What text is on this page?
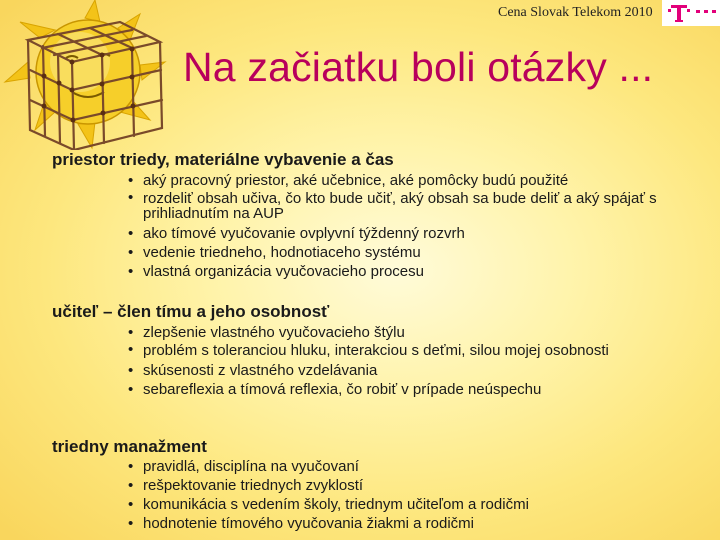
Cena Slovak Telekom 2010
Na začiatku boli otázky ...
priestor triedy, materiálne vybavenie a čas
• aký pracovný priestor, aké učebnice, aké pomôcky budú použité
• rozdeliť obsah učiva, čo kto bude učiť, aký obsah sa bude deliť a aký spájať s prihliadnutím na AUP
• ako tímové vyučovanie ovplyvní týždenný rozvrh
• vedenie triedneho, hodnotiaceho systému
• vlastná organizácia vyučovacieho procesu
učiteľ – člen tímu a jeho osobnosť
• zlepšenie vlastného vyučovacieho štýlu
• problém s toleranciou hluku, interakciou s deťmi, silou mojej osobnosti
• skúsenosti z vlastného vzdelávania
• sebareflexia a tímová reflexia, čo robiť v prípade neúspechu
triedny manažment
• pravidlá, disciplína na vyučovaní
• rešpektovanie triednych zvyklostí
• komunikácia s vedením školy, triednym učiteľom a rodičmi
• hodnotenie tímového vyučovania žiakmi a rodičmi
